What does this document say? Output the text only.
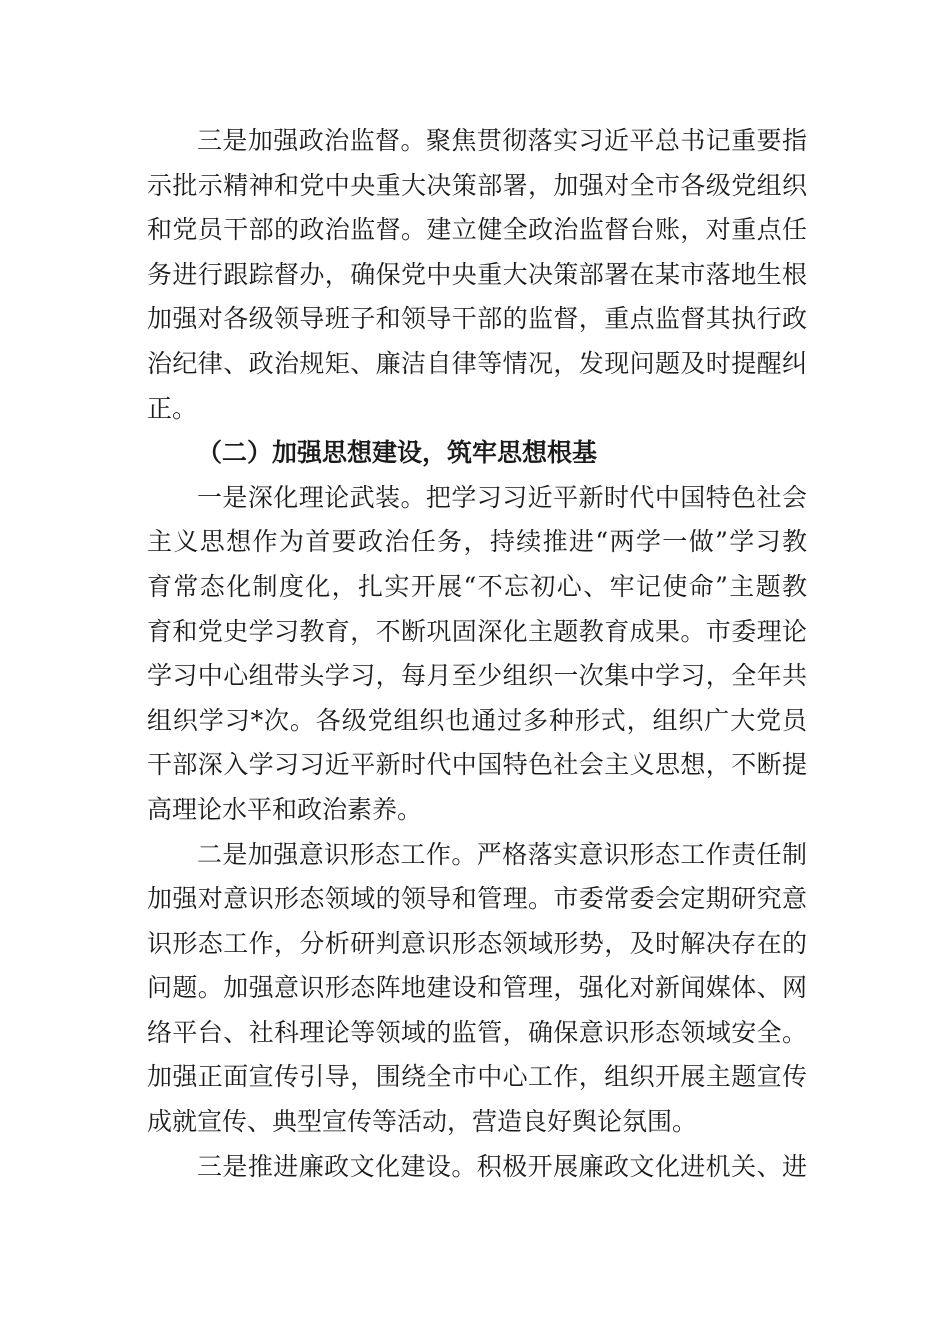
三是加强政治监督。聚焦贯彻落实习近平总书记重要指
示批示精神和党中央重大决策部署，加强对全市各级党组织
和党员干部的政治监督。建立健全政治监督台账，对重点任
务进行跟踪督办，确保党中央重大决策部署在某市落地生根
加强对各级领导班子和领导干部的监督，重点监督其执行政
治纪律、政治规矩、廉洁自律等情况，发现问题及时提醒纠
正。
（二）加强思想建设，筑牢思想根基
一是深化理论武装。把学习习近平新时代中国特色社会
主义思想作为首要政治任务，持续推进“两学一做”学习教
育常态化制度化，扎实开展“不忘初心、牢记使命”主题教
育和党史学习教育，不断巩固深化主题教育成果。市委理论
学习中心组带头学习，每月至少组织一次集中学习，全年共
组织学习*次。各级党组织也通过多种形式，组织广大党员
干部深入学习习近平新时代中国特色社会主义思想，不断提
高理论水平和政治素养。
二是加强意识形态工作。严格落实意识形态工作责任制
加强对意识形态领域的领导和管理。市委常委会定期研究意
识形态工作，分析研判意识形态领域形势，及时解决存在的
问题。加强意识形态阵地建设和管理，强化对新闻媒体、网
络平台、社科理论等领域的监管，确保意识形态领域安全。
加强正面宣传引导，围绕全市中心工作，组织开展主题宣传
成就宣传、典型宣传等活动，营造良好舆论氛围。
三是推进廉政文化建设。积极开展廉政文化进机关、进
